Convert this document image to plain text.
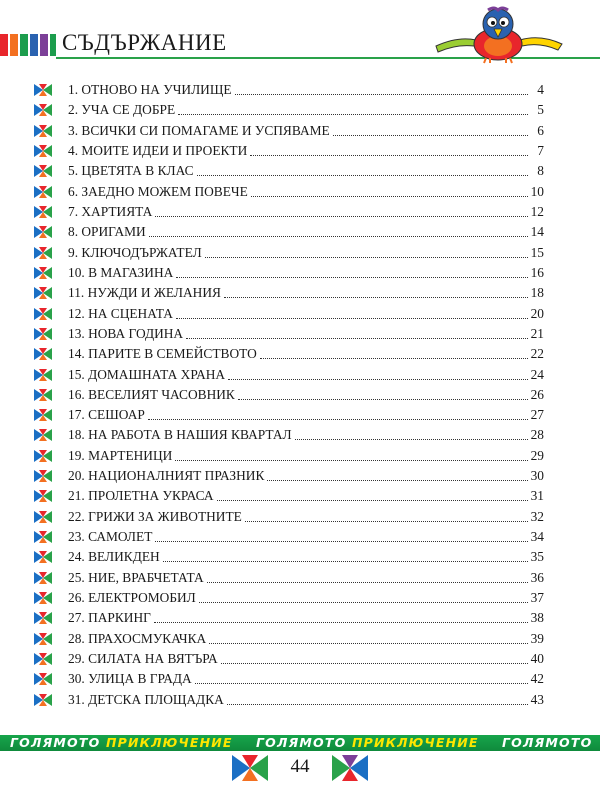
СЪДЪРЖАНИЕ
1. ОТНОВО НА УЧИЛИЩЕ	4
2. УЧА СЕ ДОБРЕ	5
3. ВСИЧКИ СИ ПОМАГАМЕ И УСПЯВАМЕ	6
4. МОИТЕ ИДЕИ И ПРОЕКТИ	7
5. ЦВЕТЯТА В КЛАС	8
6. ЗАЕДНО МОЖЕМ ПОВЕЧЕ	10
7. ХАРТИЯТА	12
8. ОРИГАМИ	14
9. КЛЮЧОДЪРЖАТЕЛ	15
10. В МАГАЗИНА	16
11. НУЖДИ И ЖЕЛАНИЯ	18
12. НА СЦЕНАТА	20
13. НОВА ГОДИНА	21
14. ПАРИТЕ В СЕМЕЙСТВОТО	22
15. ДОМАШНАТА ХРАНА	24
16. ВЕСЕЛИЯТ ЧАСОВНИК	26
17. СЕШОАР	27
18. НА РАБОТА В НАШИЯ КВАРТАЛ	28
19. МАРТЕНИЦИ	29
20. НАЦИОНАЛНИЯТ ПРАЗНИК	30
21. ПРОЛЕТНА УКРАСА	31
22. ГРИЖИ ЗА ЖИВОТНИТЕ	32
23. САМОЛЕТ	34
24. ВЕЛИКДЕН	35
25. НИЕ, ВРАБЧЕТАТА	36
26. ЕЛЕКТРОМОБИЛ	37
27. ПАРКИНГ	38
28. ПРАХОСМУКАЧКА	39
29. СИЛАТА НА ВЯТЪРА	40
30. УЛИЦА В ГРАДА	42
31. ДЕТСКА ПЛОЩАДКА	43
ГОЛЯМОТО ПРИКЛЮЧЕНИЕ ГОЛЯМОТО ПРИКЛЮЧЕНИЕ ГОЛЯМОТО
44
